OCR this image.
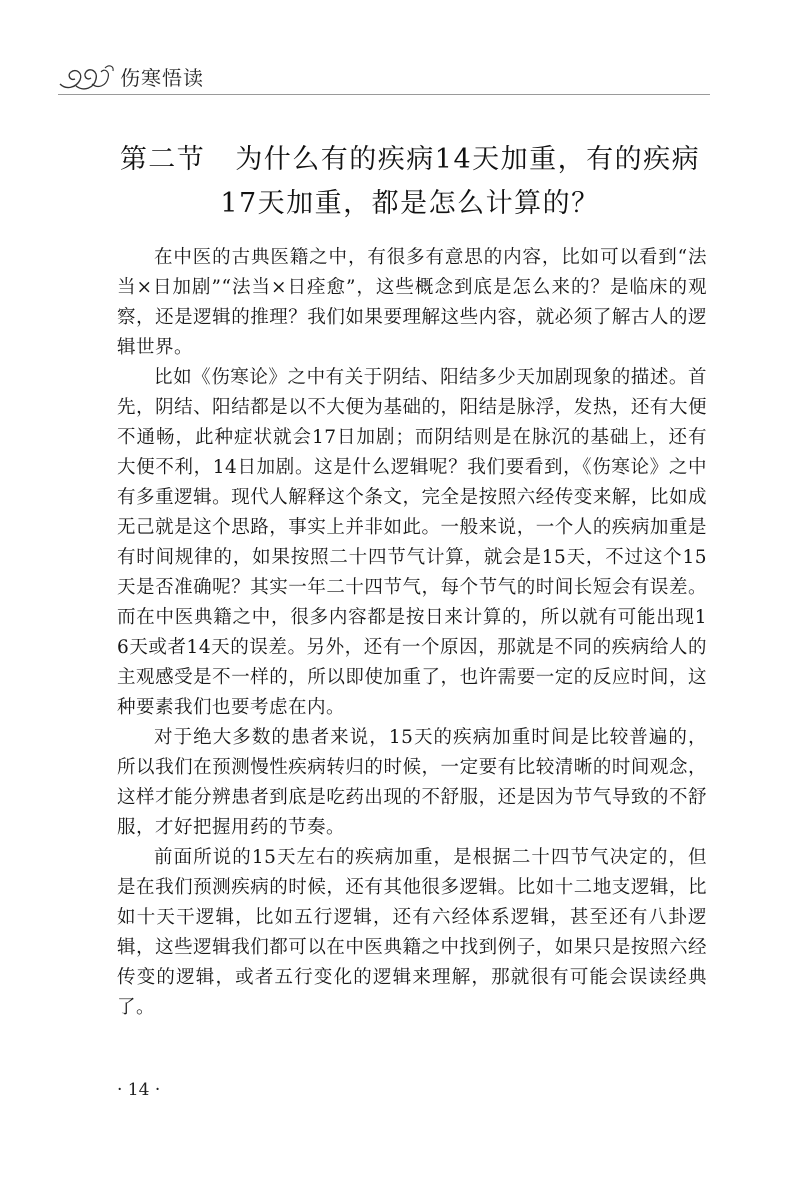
伤寒悟读
第二节 为什么有的疾病14天加重，有的疾病
17天加重，都是怎么计算的？

在中医的古典医籍之中，有很多有意思的内容，比如可以看到“法当×日加剧”“法当×日痊愈”，这些概念到底是怎么来的？是临床的观察，还是逻辑的推理？我们如果要理解这些内容，就必须了解古人的逻辑世界。

比如《伤寒论》之中有关于阴结、阳结多少天加剧现象的描述。首先，阴结、阳结都是以不大便为基础的，阳结是脉浮，发热，还有大便不通畅，此种症状就会17日加剧；而阴结则是在脉沉的基础上，还有大便不利，14日加剧。这是什么逻辑呢？我们要看到，《伤寒论》之中有多重逻辑。现代人解释这个条文，完全是按照六经传变来解，比如成无己就是这个思路，事实上并非如此。一般来说，一个人的疾病加重是有时间规律的，如果按照二十四节气计算，就会是15天，不过这个15天是否准确呢？其实一年二十四节气，每个节气的时间长短会有误差。而在中医典籍之中，很多内容都是按日来计算的，所以就有可能出现16天或者14天的误差。另外，还有一个原因，那就是不同的疾病给人的主观感受是不一样的，所以即使加重了，也许需要一定的反应时间，这种要素我们也要考虑在内。

对于绝大多数的患者来说，15天的疾病加重时间是比较普遍的，所以我们在预测慢性疾病转归的时候，一定要有比较清晰的时间观念，这样才能分辨患者到底是吃药出现的不舒服，还是因为节气导致的不舒服，才好把握用药的节奏。

前面所说的15天左右的疾病加重，是根据二十四节气决定的，但是在我们预测疾病的时候，还有其他很多逻辑。比如十二地支逻辑，比如十天干逻辑，比如五行逻辑，还有六经体系逻辑，甚至还有八卦逻辑，这些逻辑我们都可以在中医典籍之中找到例子，如果只是按照六经传变的逻辑，或者五行变化的逻辑来理解，那就很有可能会误读经典了。

· 14 ·
